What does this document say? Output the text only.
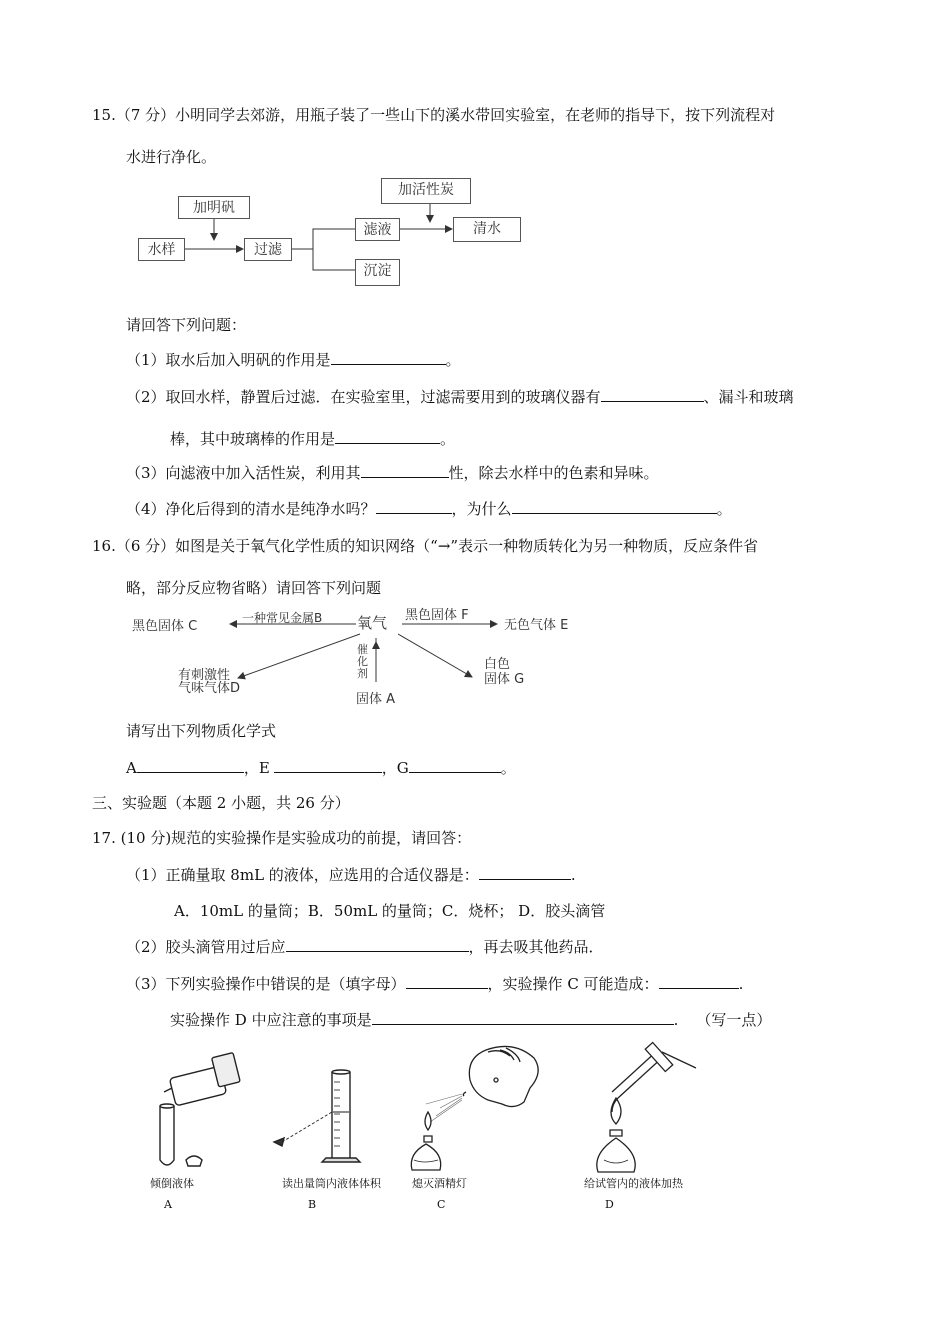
15.（7 分）小明同学去郊游，用瓶子装了一些山下的溪水带回实验室，在老师的指导下，按下列流程对
水进行净化。
加明矾
水样	过滤
滤液
沉淀
加活性炭
清水
请回答下列问题：
（1）取水后加入明矾的作用是	。
（2）取回水样，静置后过滤．在实验室里，过滤需要用到的玻璃仪器有	、漏斗和玻璃
棒，其中玻璃棒的作用是	。
（3）向滤液中加入活性炭，利用其	性，除去水样中的色素和异味。
（4）净化后得到的清水是纯净水吗？	，为什么	。
16.（6 分）如图是关于氧气化学性质的知识网络（“→”表示一种物质转化为另一种物质，反应条件省
略，部分反应物省略）请回答下列问题
黑色固体 C
一种常见金属B 氧气 黑色固体 F
无色气体 E
有刺激性
气味气体D
催化剂
固体 A
白色
固体 G
请写出下列物质化学式
A	，E	，G	。
三、实验题（本题 2 小题，共 26 分）
17. (10 分)规范的实验操作是实验成功的前提，请回答：
（1）正确量取 8mL 的液体，应选用的合适仪器是：	.
A．10mL 的量筒；B．50mL 的量筒；C．烧杯； D．胶头滴管
（2）胶头滴管用过后应	，再去吸其他药品．
（3）下列实验操作中错误的是（填字母）	，实验操作 C 可能造成：	.
实验操作 D 中应注意的事项是	. （写一点）
倾倒液体	读出量筒内液体体积	熄灭酒精灯	给试管内的液体加热
A	B	C	D
